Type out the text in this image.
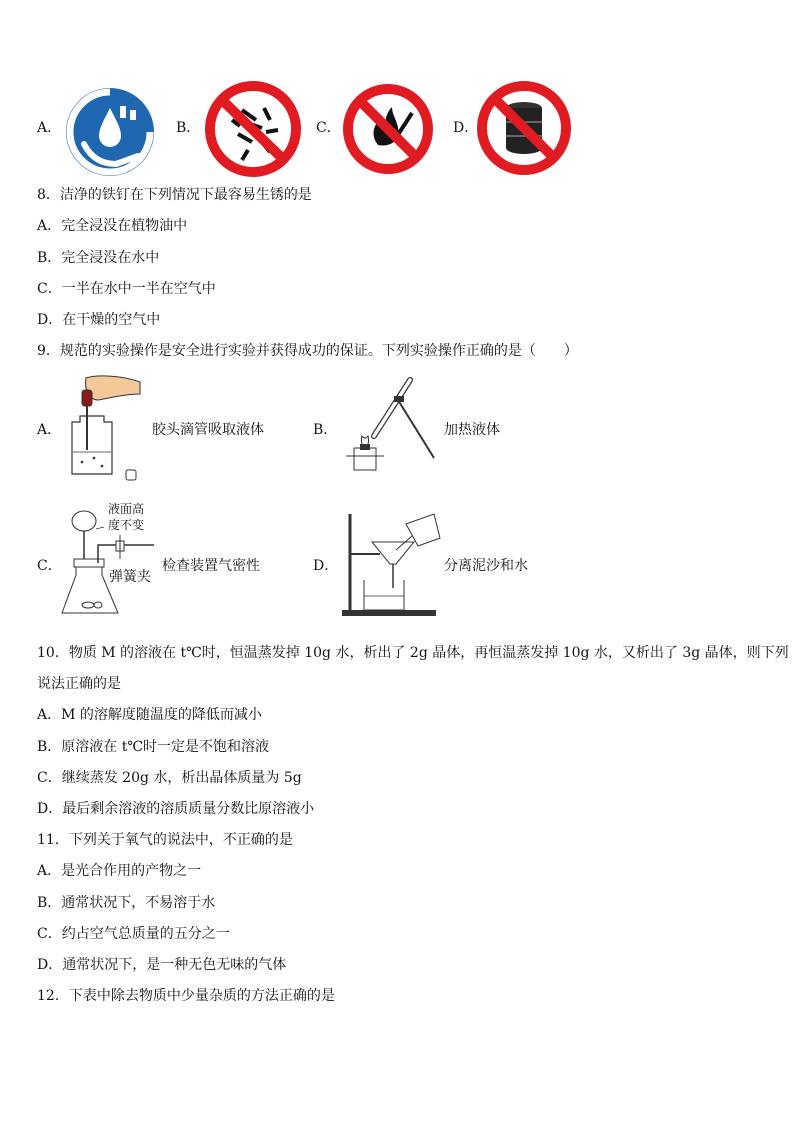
A．	B．	C．	D．
8．洁净的铁钉在下列情况下最容易生锈的是
A．完全浸没在植物油中
B．完全浸没在水中
C．一半在水中一半在空气中
D．在干燥的空气中
9．规范的实验操作是安全进行实验并获得成功的保证。下列实验操作正确的是（　　）
A．	胶头滴管吸取液体	B．	加热液体
C．
液面高
度不变
弹簧夹
检查装置气密性	D．	分离泥沙和水
10．物质 M 的溶液在 t℃时，恒温蒸发掉 10g 水，析出了 2g 晶体，再恒温蒸发掉 10g 水，又析出了 3g 晶体，则下列
说法正确的是
A．M 的溶解度随温度的降低而减小
B．原溶液在 t℃时一定是不饱和溶液
C．继续蒸发 20g 水，析出晶体质量为 5g
D．最后剩余溶液的溶质质量分数比原溶液小
11．下列关于氧气的说法中，不正确的是
A．是光合作用的产物之一
B．通常状况下，不易溶于水
C．约占空气总质量的五分之一
D．通常状况下，是一种无色无味的气体
12．下表中除去物质中少量杂质的方法正确的是
